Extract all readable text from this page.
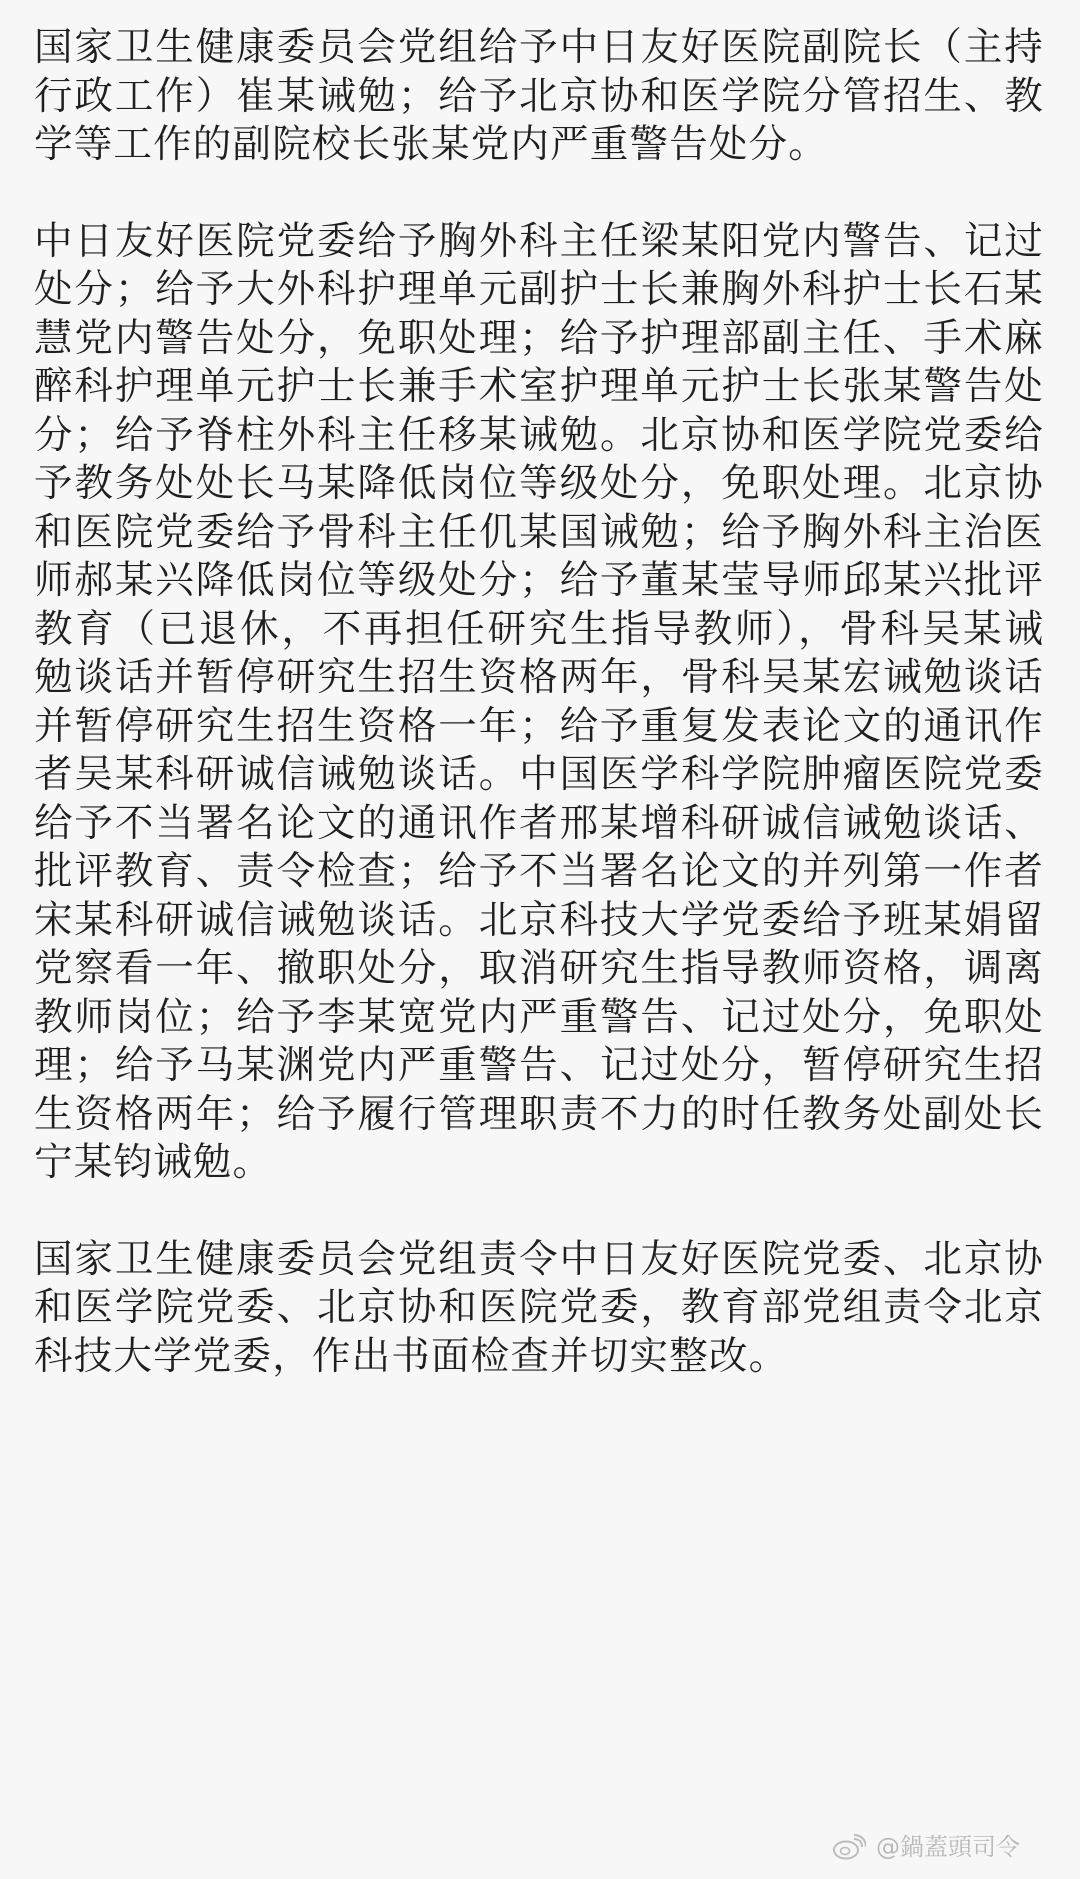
国家卫生健康委员会党组给予中日友好医院副院长（主持行政工作）崔某诫勉；给予北京协和医学院分管招生、教学等工作的副院校长张某党内严重警告处分。

中日友好医院党委给予胸外科主任梁某阳党内警告、记过处分；给予大外科护理单元副护士长兼胸外科护士长石某慧党内警告处分，免职处理；给予护理部副主任、手术麻醉科护理单元护士长兼手术室护理单元护士长张某警告处分；给予脊柱外科主任移某诫勉。北京协和医学院党委给予教务处处长马某降低岗位等级处分，免职处理。北京协和医院党委给予骨科主任仉某国诫勉；给予胸外科主治医师郝某兴降低岗位等级处分；给予董某莹导师邱某兴批评教育（已退休，不再担任研究生指导教师），骨科吴某诫勉谈话并暂停研究生招生资格两年，骨科吴某宏诫勉谈话并暂停研究生招生资格一年；给予重复发表论文的通讯作者吴某科研诚信诫勉谈话。中国医学科学院肿瘤医院党委给予不当署名论文的通讯作者邢某增科研诚信诫勉谈话、批评教育、责令检查；给予不当署名论文的并列第一作者宋某科研诚信诫勉谈话。北京科技大学党委给予班某娟留党察看一年、撤职处分，取消研究生指导教师资格，调离教师岗位；给予李某宽党内严重警告、记过处分，免职处理；给予马某渊党内严重警告、记过处分，暂停研究生招生资格两年；给予履行管理职责不力的时任教务处副处长宁某钧诫勉。

国家卫生健康委员会党组责令中日友好医院党委、北京协和医学院党委、北京协和医院党委，教育部党组责令北京科技大学党委，作出书面检查并切实整改。

@鍋蓋頭司令
